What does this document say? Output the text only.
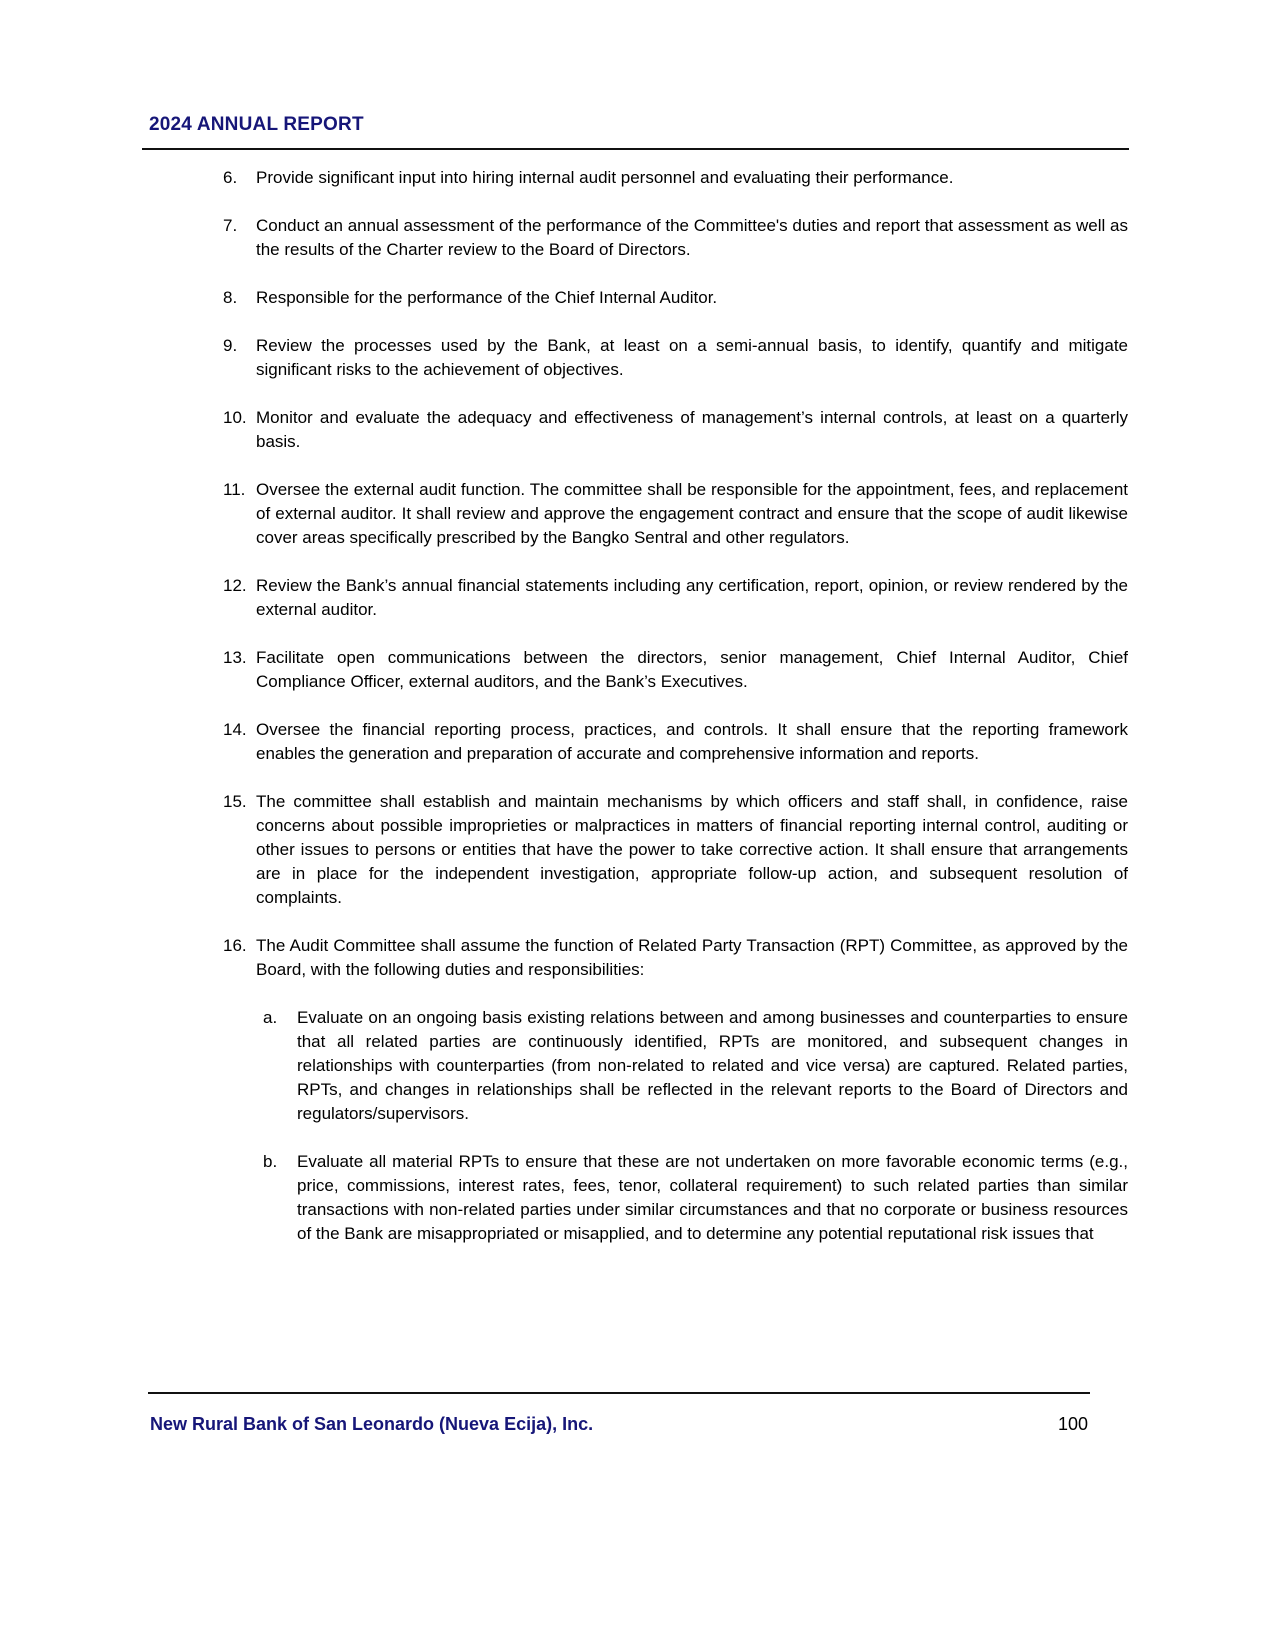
2024 ANNUAL REPORT
6.	Provide significant input into hiring internal audit personnel and evaluating their performance.

7.	Conduct an annual assessment of the performance of the Committee's duties and report that assessment as well as the results of the Charter review to the Board of Directors.

8.	Responsible for the performance of the Chief Internal Auditor.

9.	Review the processes used by the Bank, at least on a semi-annual basis, to identify, quantify and mitigate significant risks to the achievement of objectives.

10. Monitor and evaluate the adequacy and effectiveness of management’s internal controls, at least on a quarterly basis.

11. Oversee the external audit function. The committee shall be responsible for the appointment, fees, and replacement of external auditor. It shall review and approve the engagement contract and ensure that the scope of audit likewise cover areas specifically prescribed by the Bangko Sentral and other regulators.

12. Review the Bank’s annual financial statements including any certification, report, opinion, or review rendered by the external auditor.

13. Facilitate open communications between the directors, senior management, Chief Internal Auditor, Chief Compliance Officer, external auditors, and the Bank’s Executives.

14. Oversee the financial reporting process, practices, and controls. It shall ensure that the reporting framework enables the generation and preparation of accurate and comprehensive information and reports.

15. The committee shall establish and maintain mechanisms by which officers and staff shall, in confidence, raise concerns about possible improprieties or malpractices in matters of financial reporting internal control, auditing or other issues to persons or entities that have the power to take corrective action. It shall ensure that arrangements are in place for the independent investigation, appropriate follow-up action, and subsequent resolution of complaints.

16. The Audit Committee shall assume the function of Related Party Transaction (RPT) Committee, as approved by the Board, with the following duties and responsibilities:

a.	Evaluate on an ongoing basis existing relations between and among businesses and counterparties to ensure that all related parties are continuously identified, RPTs are monitored, and subsequent changes in relationships with counterparties (from non-related to related and vice versa) are captured. Related parties, RPTs, and changes in relationships shall be reflected in the relevant reports to the Board of Directors and regulators/supervisors.

b.	Evaluate all material RPTs to ensure that these are not undertaken on more favorable economic terms (e.g., price, commissions, interest rates, fees, tenor, collateral requirement) to such related parties than similar transactions with non-related parties under similar circumstances and that no corporate or business resources of the Bank are misappropriated or misapplied, and to determine any potential reputational risk issues that

New Rural Bank of San Leonardo (Nueva Ecija), Inc.	100
